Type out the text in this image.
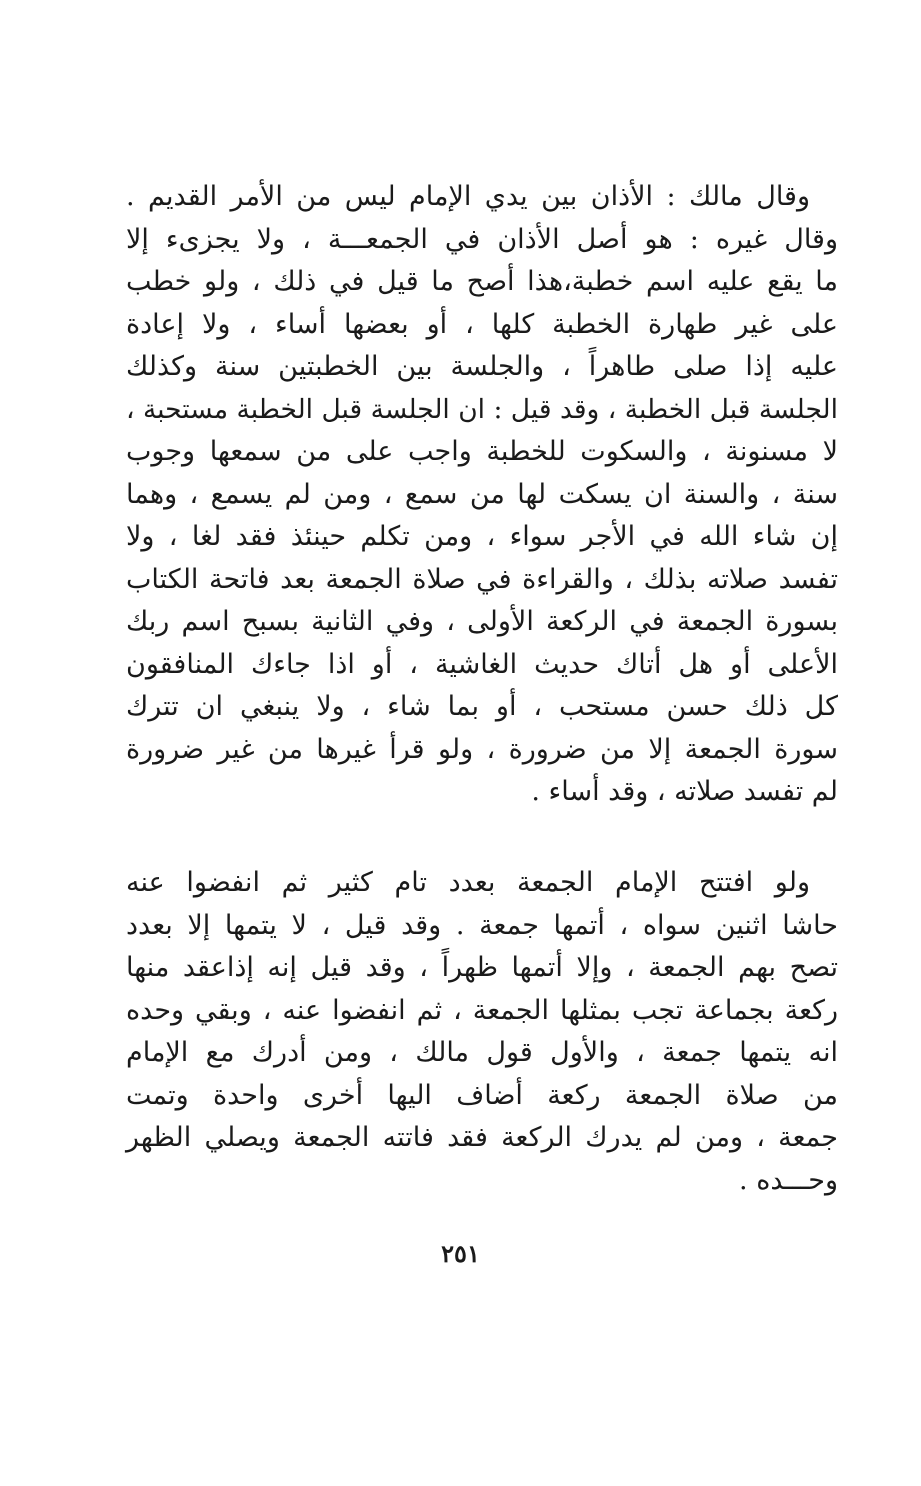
وقال مالك : الأذان بين يدي الإمام ليس من الأمر القديم .
وقال غيره : هو أصل الأذان في الجمعـــة ، ولا يجزىء إلا
ما يقع عليه اسم خطبة،هذا أصح ما قيل في ذلك ، ولو خطب
على غير طهارة الخطبة كلها ، أو بعضها أساء ، ولا إعادة
عليه إذا صلى طاهراً ، والجلسة بين الخطبتين سنة وكذلك
الجلسة قبل الخطبة ، وقد قيل : ان الجلسة قبل الخطبة مستحبة ،
لا مسنونة ، والسكوت للخطبة واجب على من سمعها وجوب
سنة ، والسنة ان يسكت لها من سمع ، ومن لم يسمع ، وهما
إن شاء الله في الأجر سواء ، ومن تكلم حينئذ فقد لغا ، ولا
تفسد صلاته بذلك ، والقراءة في صلاة الجمعة بعد فاتحة الكتاب
بسورة الجمعة في الركعة الأولى ، وفي الثانية بسبح اسم ربك
الأعلى أو هل أتاك حديث الغاشية ، أو اذا جاءك المنافقون
كل ذلك حسن مستحب ، أو بما شاء ، ولا ينبغي ان تترك
سورة الجمعة إلا من ضرورة ، ولو قرأ غيرها من غير ضرورة
لم تفسد صلاته ، وقد أساء .
ولو افتتح الإمام الجمعة بعدد تام كثير ثم انفضوا عنه
حاشا اثنين سواه ، أتمها جمعة . وقد قيل ، لا يتمها إلا بعدد
تصح بهم الجمعة ، وإلا أتمها ظهراً ، وقد قيل إنه إذاعقد منها
ركعة بجماعة تجب بمثلها الجمعة ، ثم انفضوا عنه ، وبقي وحده
انه يتمها جمعة ، والأول قول مالك ، ومن أدرك مع الإمام
من صلاة الجمعة ركعة أضاف اليها أخرى واحدة وتمت
جمعة ، ومن لم يدرك الركعة فقد فاتته الجمعة ويصلي الظهر
وحـــده .
٢٥١
